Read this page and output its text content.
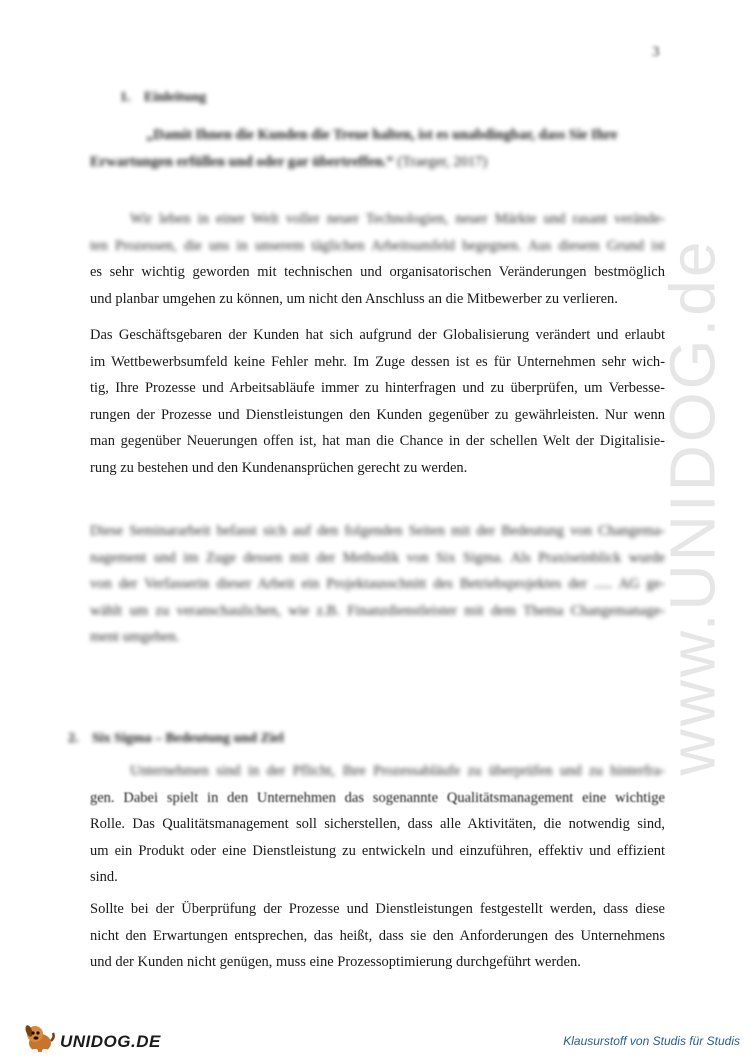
3
www.UNIDOG.de
1. Einleitung
„Damit Ihnen die Kunden die Treue halten, ist es unabdingbar, dass Sie Ihre
Erwartungen erfüllen und oder gar übertreffen.“ (Traeger, 2017)
Wir leben in einer Welt voller neuer Technologien, neuer Märkte und rasant verände-
ten Prozessen, die uns in unserem täglichen Arbeitsumfeld begegnen. Aus diesem Grund ist
es sehr wichtig geworden mit technischen und organisatorischen Veränderungen bestmöglich
und planbar umgehen zu können, um nicht den Anschluss an die Mitbewerber zu verlieren.
Das Geschäftsgebaren der Kunden hat sich aufgrund der Globalisierung verändert und erlaubt
im Wettbewerbsumfeld keine Fehler mehr. Im Zuge dessen ist es für Unternehmen sehr wich-
tig, Ihre Prozesse und Arbeitsabläufe immer zu hinterfragen und zu überprüfen, um Verbesse-
rungen der Prozesse und Dienstleistungen den Kunden gegenüber zu gewährleisten. Nur wenn
man gegenüber Neuerungen offen ist, hat man die Chance in der schellen Welt der Digitalisie-
rung zu bestehen und den Kundenansprüchen gerecht zu werden.
Diese Seminararbeit befasst sich auf den folgenden Seiten mit der Bedeutung von Changema-
nagement und im Zuge dessen mit der Methodik von Six Sigma. Als Praxiseinblick wurde
von der Verfasserin dieser Arbeit ein Projektausschnitt des Betriebsprojektes der ..... AG ge-
wählt um zu veranschaulichen, wie z.B. Finanzdienstleister mit dem Thema Changemanage-
ment umgehen.
2. Six Sigma – Bedeutung und Ziel
Unternehmen sind in der Pflicht, Ihre Prozessabläufe zu überprüfen und zu hinterfra-
gen. Dabei spielt in den Unternehmen das sogenannte Qualitätsmanagement eine wichtige
Rolle. Das Qualitätsmanagement soll sicherstellen, dass alle Aktivitäten, die notwendig sind,
um ein Produkt oder eine Dienstleistung zu entwickeln und einzuführen, effektiv und effizient
sind.
Sollte bei der Überprüfung der Prozesse und Dienstleistungen festgestellt werden, dass diese
nicht den Erwartungen entsprechen, das heißt, dass sie den Anforderungen des Unternehmens
und der Kunden nicht genügen, muss eine Prozessoptimierung durchgeführt werden.
UNIDOG.DE	Klausurstoff von Studis für Studis
